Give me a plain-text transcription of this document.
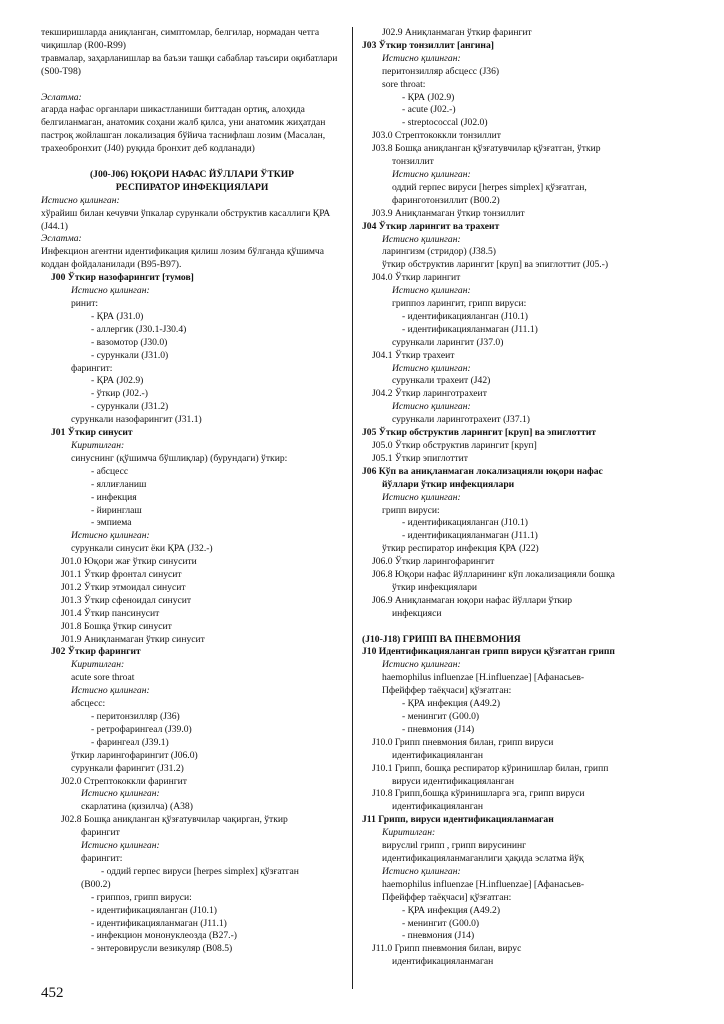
текширишларда аниқланган, симптомлар, белгилар, нормадан четга чиқишлар (R00-R99)
травмалар, заҳарланишлар ва баъзи ташқи сабаблар таъсири оқибатлари (S00-T98)
Эслатма:
агарда нафас органлари шикастланиши биттадан ортиқ, алоҳида белгиланмаган, анатомик соҳани жалб қилса, уни анатомик жиҳатдан пастроқ жойлашган локализация бўйича таснифлаш лозим (Масалан, трахеобронхит (J40) руқида бронхит деб кодланади)
(J00-J06) ЮҚОРИ НАФАС ЙЎЛЛАРИ ЎТКИР
РЕСПИРАТОР ИНФЕКЦИЯЛАРИ
Истисно қилинган:
хўрайиш билан кечувчи ўпкалар сурункали обструктив касаллиги ҚРА (J44.1)
Эслатма:
Инфекцион агентни идентификация қилиш лозим бўлганда қўшимча коддан фойдаланилади (B95-B97).
J00 Ўткир назофарингит [тумов]
Истисно қилинган:
ринит:
- ҚРА (J31.0)
- аллергик (J30.1-J30.4)
- вазомотор (J30.0)
- сурункали (J31.0)
фарингит:
- ҚРА (J02.9)
- ўткир (J02.-)
- сурункали (J31.2)
сурункали назофарингит (J31.1)
J01 Ўткир синусит
Киритилган:
синуснинг (қўшимча бўшлиқлар) (бурундаги) ўткир:
- абсцесс
- яллиғланиш
- инфекция
- йиринглаш
- эмпиема
Истисно қилинган:
сурункали синусит ёки ҚРА (J32.-)
J01.0 Юқори жағ ўткир синусити
J01.1 Ўткир фронтал синусит
J01.2 Ўткир этмоидал синусит
J01.3 Ўткир сфеноидал синусит
J01.4 Ўткир пансинусит
J01.8 Бошқа ўткир синусит
J01.9 Аниқланмаган ўткир синусит
J02 Ўткир фарингит
Киритилган:
acute sore throat
Истисно қилинган:
абсцесс:
- перитонзилляр (J36)
- ретрофарингеал (J39.0)
- фарингеал (J39.1)
ўткир ларингофарингит (J06.0)
сурункали фарингит (J31.2)
J02.0 Стрептококкли фарингит
Истисно қилинган:
скарлатина (қизилча) (A38)
J02.8 Бошқа аниқланган қўзғатувчилар чақирган, ўткир
фарингит
Истисно қилинган:
фарингит:
- оддий герпес вируси [herpes simplex] қўзғатган
(B00.2)
- гриппоз, грипп вируси:
- идентификацияланган (J10.1)
- идентификацияланмаган (J11.1)
- инфекцион мононуклеозда (B27.-)
- энтеровирусли везикуляр (B08.5)
J02.9 Аниқланмаган ўткир фарингит
J03 Ўткир тонзиллит [ангина]
Истисно қилинган:
перитонзилляр абсцесс (J36)
sore throat:
- ҚРА (J02.9)
- acute (J02.-)
- streptococcal (J02.0)
J03.0 Стрептококкли тонзиллит
J03.8 Бошқа аниқланган қўзғатувчилар қўзғатган, ўткир
тонзиллит
Истисно қилинган:
оддий герпес вируси [herpes simplex] қўзғатган,
фаринготонзиллит (B00.2)
J03.9 Аниқланмаган ўткир тонзиллит
J04 Ўткир ларингит ва трахеит
Истисно қилинган:
ларингизм (стридор) (J38.5)
ўткир обструктив ларингит [круп] ва эпиглоттит (J05.-)
J04.0 Ўткир ларингит
Истисно қилинган:
гриппоз ларингит, грипп вируси:
- идентификацияланган (J10.1)
- идентификацияланмаган (J11.1)
сурункали ларингит (J37.0)
J04.1 Ўткир трахеит
Истисно қилинган:
сурункали трахеит (J42)
J04.2 Ўткир ларинготрахеит
Истисно қилинган:
сурункали ларинготрахеит (J37.1)
J05 Ўткир обструктив ларингит [круп] ва эпиглоттит
J05.0 Ўткир обструктив ларингит [круп]
J05.1 Ўткир эпиглоттит
J06 Кўп ва аниқланмаган локализацияли юқори нафас
йўллари ўткир инфекциялари
Истисно қилинган:
грипп вируси:
- идентификацияланган (J10.1)
- идентификацияланмаган (J11.1)
ўткир респиратор инфекция ҚРА (J22)
J06.0 Ўткир ларингофарингит
J06.8 Юқори нафас йўлларининг кўп локализацияли бошқа
ўткир инфекциялари
J06.9 Аниқланмаган юқори нафас йўллари ўткир
инфекцияси
(J10-J18) ГРИПП ВА ПНЕВМОНИЯ
J10 Идентификацияланган грипп вируси қўзғатган грипп
Истисно қилинган:
haemophilus influenzae [H.influenzae] [Афанасьев-
Пфейффер таёқчаси] қўзғатган:
- ҚРА инфекция (A49.2)
- менингит (G00.0)
- пневмония (J14)
J10.0 Грипп пневмония билан, грипп вируси
идентификацияланган
J10.1 Грипп, бошқа респиратор кўринишлар билан, грипп
вируси идентификацияланган
J10.8 Грипп,бошқа кўринишларга эга, грипп вируси
идентификацияланган
J11 Грипп, вируси идентификацияланмаган
Киритилган:
вируслиl грипп , грипп вирусининг
идентификацияланмаганлиги ҳақида эслатма йўқ
Истисно қилинган:
haemophilus influenzae [H.influenzae] [Афанасьев-
Пфейффер таёқчаси] қўзғатган:
- ҚРА инфекция (A49.2)
- менингит (G00.0)
- пневмония (J14)
J11.0 Грипп пневмония билан, вирус
идентификацияланмаган
452
